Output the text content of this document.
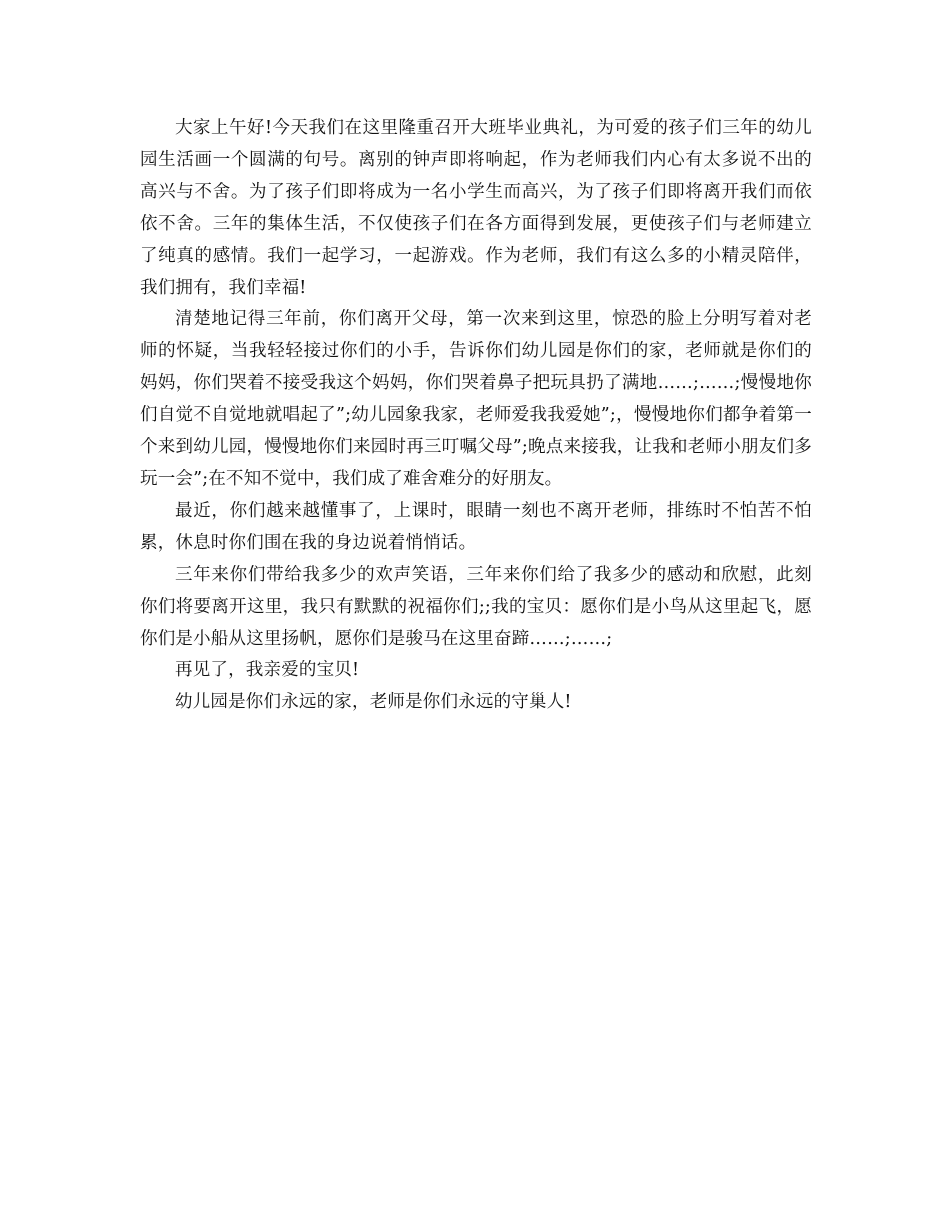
大家上午好!今天我们在这里隆重召开大班毕业典礼，为可爱的孩子们三年的幼儿园生活画一个圆满的句号。离别的钟声即将响起，作为老师我们内心有太多说不出的高兴与不舍。为了孩子们即将成为一名小学生而高兴，为了孩子们即将离开我们而依依不舍。三年的集体生活，不仅使孩子们在各方面得到发展，更使孩子们与老师建立了纯真的感情。我们一起学习，一起游戏。作为老师，我们有这么多的小精灵陪伴，我们拥有，我们幸福!

清楚地记得三年前，你们离开父母，第一次来到这里，惊恐的脸上分明写着对老师的怀疑，当我轻轻接过你们的小手，告诉你们幼儿园是你们的家，老师就是你们的妈妈，你们哭着不接受我这个妈妈，你们哭着鼻子把玩具扔了满地……;……;慢慢地你们自觉不自觉地就唱起了”;幼儿园象我家，老师爱我我爱她”;，慢慢地你们都争着第一个来到幼儿园，慢慢地你们来园时再三叮嘱父母”;晚点来接我，让我和老师小朋友们多玩一会”;在不知不觉中，我们成了难舍难分的好朋友。

最近，你们越来越懂事了，上课时，眼睛一刻也不离开老师，排练时不怕苦不怕累，休息时你们围在我的身边说着悄悄话。

三年来你们带给我多少的欢声笑语，三年来你们给了我多少的感动和欣慰，此刻你们将要离开这里，我只有默默的祝福你们;;我的宝贝：愿你们是小鸟从这里起飞，愿你们是小船从这里扬帆，愿你们是骏马在这里奋蹄……;……;

再见了，我亲爱的宝贝!

幼儿园是你们永远的家，老师是你们永远的守巢人!
